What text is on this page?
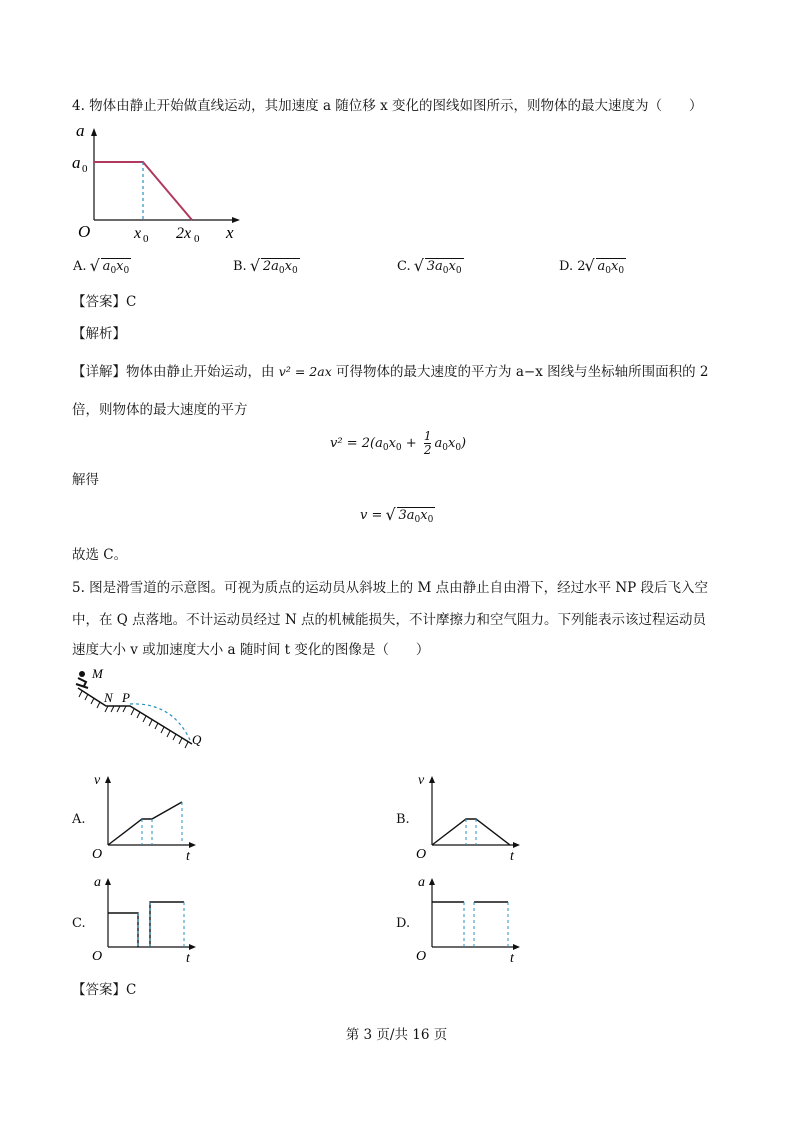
4. 物体由静止开始做直线运动，其加速度 a 随位移 x 变化的图线如图所示，则物体的最大速度为（　　）
a
a 0
O	x 0 2x 0 x
A. √ $a_0x_0$	B. √ $2a_0x_0$	C. √ $3a_0x_0$	D. 2 √ $a_0x_0$
【答案】C
【解析】
【详解】物体由静止开始运动，由 v² = 2ax 可得物体的最大速度的平方为 a−x 图线与坐标轴所围面积的 2
倍，则物体的最大速度的平方
$v^2 = 2(a_0x_0 + \frac{1}{2} a_0x_0)$
解得
v = √ $3a_0x_0$
故选 C。
5. 图是滑雪道的示意图。可视为质点的运动员从斜坡上的 M 点由静止自由滑下，经过水平 NP 段后飞入空
中，在 Q 点落地。不计运动员经过 N 点的机械能损失，不计摩擦力和空气阻力。下列能表示该过程运动员
速度大小 v 或加速度大小 a 随时间 t 变化的图像是（　　）
M
N P
Q
A.
v
O	t
B.
v
O	t
C.
a
O	t
D.
a
O	t
【答案】C
第 3 页/共 16 页
